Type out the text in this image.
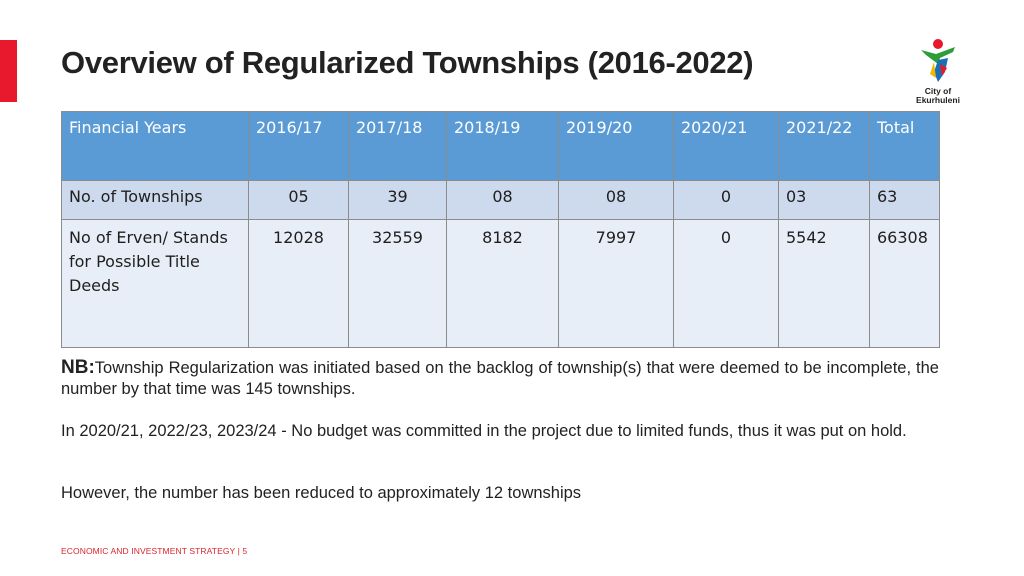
Overview of Regularized Townships (2016-2022)
City of
Ekurhuleni
Financial Years	2016/17	2017/18	2018/19	2019/20	2020/21	2021/22	Total
No. of Townships	05	39	08	08	0	03	63
No of Erven/ Stands for Possible Title Deeds	12028	32559	8182	7997	0	5542	66308

NB:Township Regularization was initiated based on the backlog of township(s) that were deemed to be incomplete, the number by that time was 145 townships.

In 2020/21, 2022/23, 2023/24 - No budget was committed in the project due to limited funds, thus it was put on hold.

However, the number has been reduced to approximately 12 townships

ECONOMIC AND INVESTMENT STRATEGY | 5
